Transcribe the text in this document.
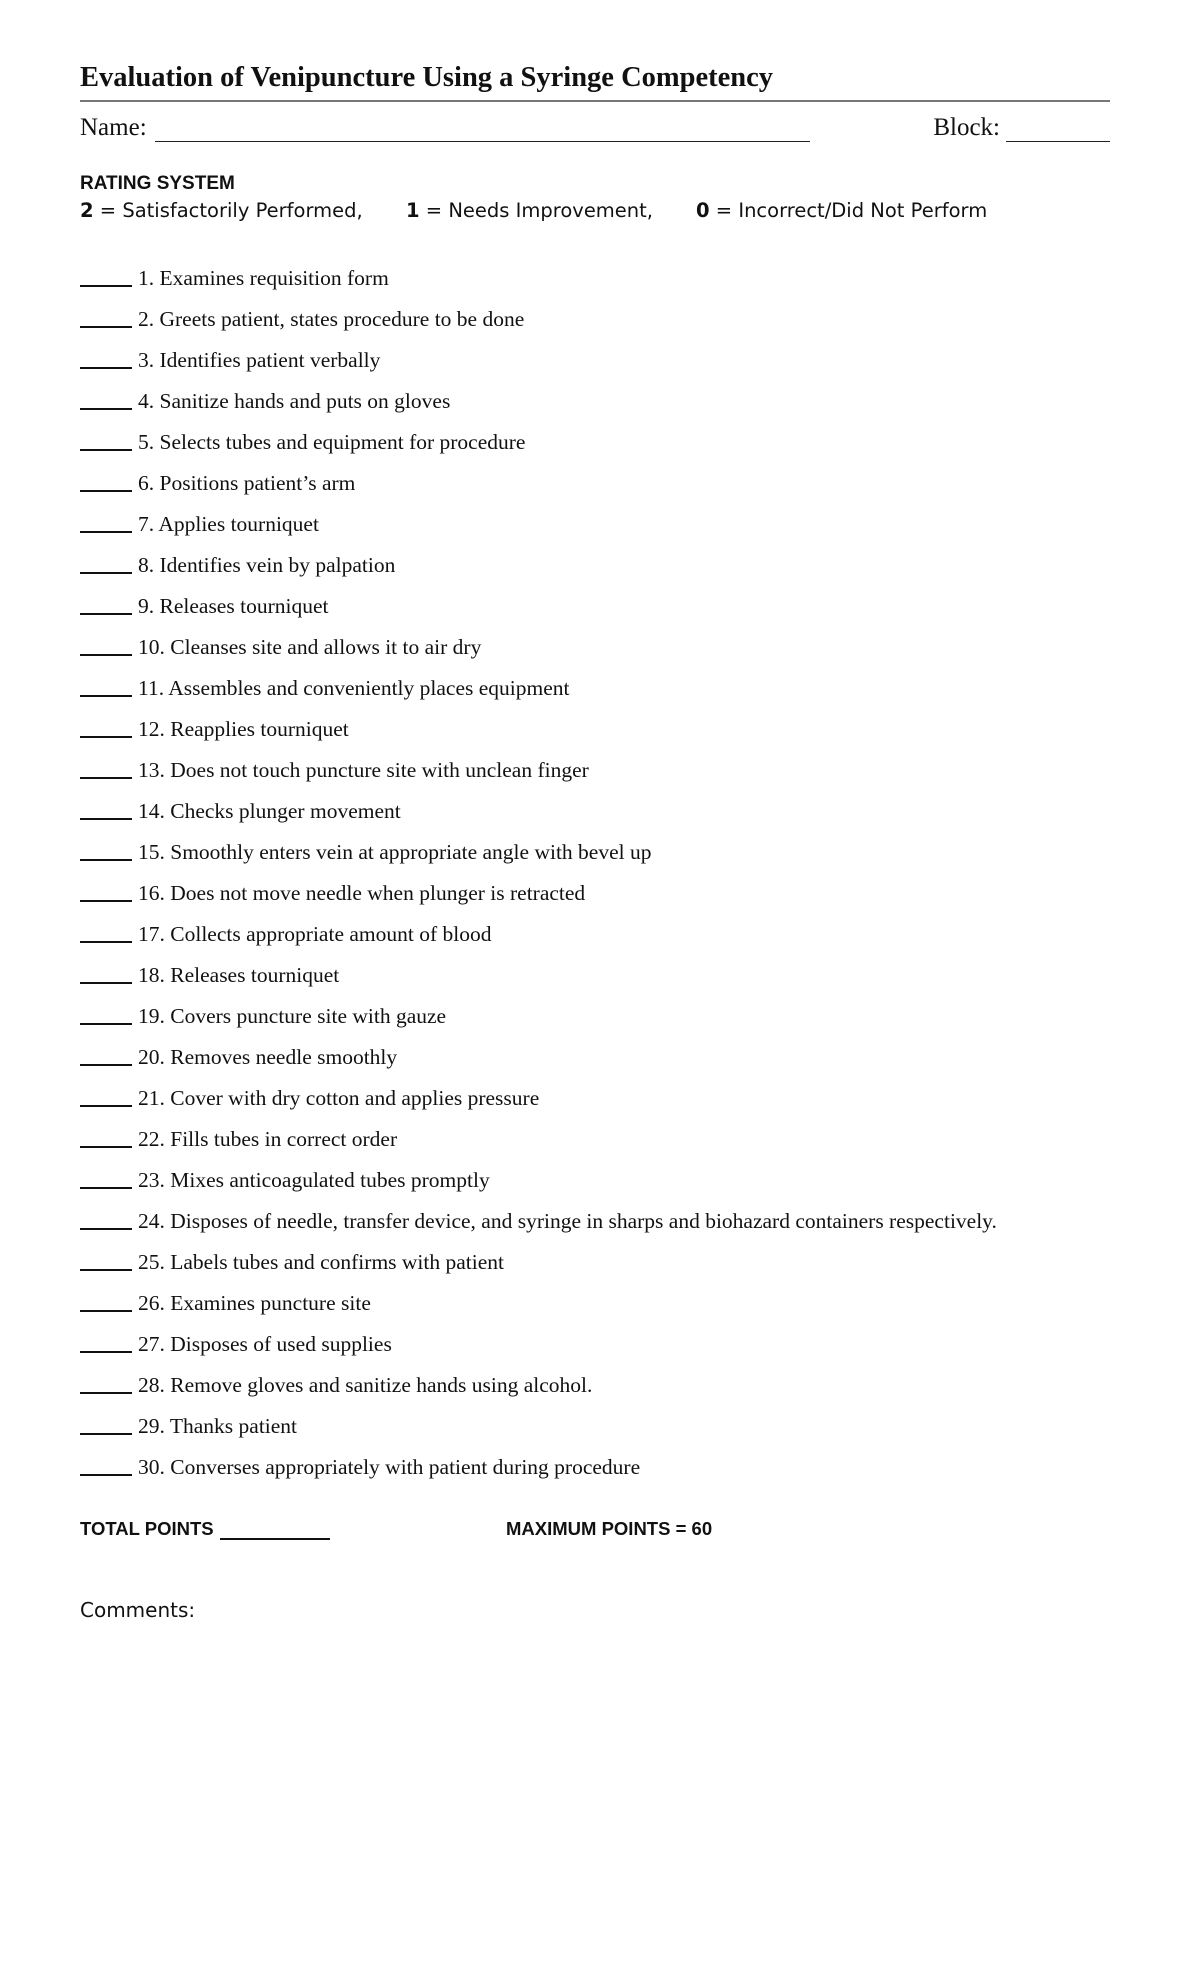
Evaluation of Venipuncture Using a Syringe Competency
Name:	Block:
RATING SYSTEM
2 = Satisfactorily Performed, 1 = Needs Improvement, 0 = Incorrect/Did Not Perform
1. Examines requisition form
2. Greets patient, states procedure to be done
3. Identifies patient verbally
4. Sanitize hands and puts on gloves
5. Selects tubes and equipment for procedure
6. Positions patient’s arm
7. Applies tourniquet
8. Identifies vein by palpation
9. Releases tourniquet
10. Cleanses site and allows it to air dry
11. Assembles and conveniently places equipment
12. Reapplies tourniquet
13. Does not touch puncture site with unclean finger
14. Checks plunger movement
15. Smoothly enters vein at appropriate angle with bevel up
16. Does not move needle when plunger is retracted
17. Collects appropriate amount of blood
18. Releases tourniquet
19. Covers puncture site with gauze
20. Removes needle smoothly
21. Cover with dry cotton and applies pressure
22. Fills tubes in correct order
23. Mixes anticoagulated tubes promptly
24. Disposes of needle, transfer device, and syringe in sharps and biohazard containers respectively.
25. Labels tubes and confirms with patient
26. Examines puncture site
27. Disposes of used supplies
28. Remove gloves and sanitize hands using alcohol.
29. Thanks patient
30. Converses appropriately with patient during procedure
TOTAL POINTS	MAXIMUM POINTS = 60
Comments:
